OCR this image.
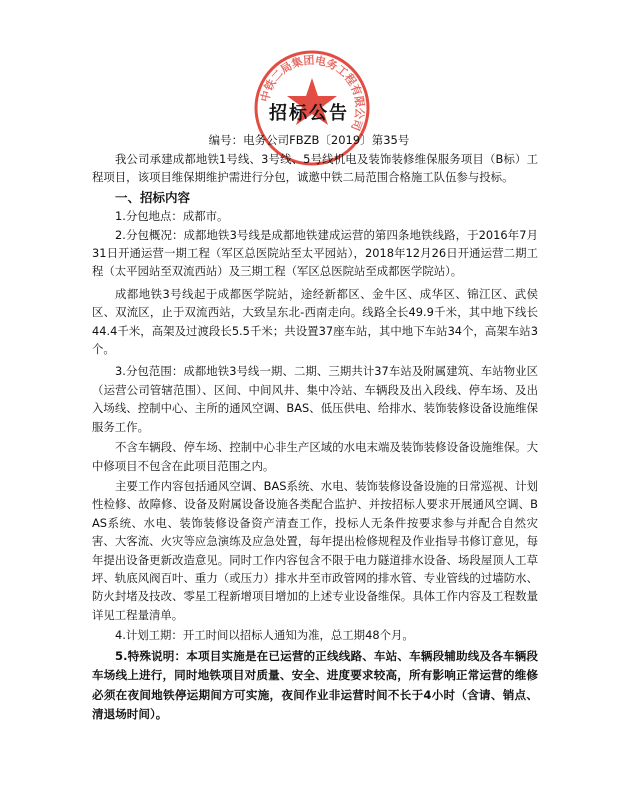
中铁二局集团电务工程有限公司
招标公告
编号：电务公司FBZB〔2019〕第35号

我公司承建成都地铁1号线、3号线、5号线机电及装饰装修维保服务项目（B标）工程项目，该项目维保期维护需进行分包，诚邀中铁二局范围合格施工队伍参与投标。

一、招标内容

1.分包地点：成都市。

2.分包概况：成都地铁3号线是成都地铁建成运营的第四条地铁线路，于2016年7月31日开通运营一期工程（军区总医院站至太平园站），2018年12月26日开通运营二期工程（太平园站至双流西站）及三期工程（军区总医院站至成都医学院站）。

成都地铁3号线起于成都医学院站，途经新都区、金牛区、成华区、锦江区、武侯区、双流区，止于双流西站，大致呈东北-西南走向。线路全长49.9千米，其中地下线长44.4千米，高架及过渡段长5.5千米；共设置37座车站，其中地下车站34个，高架车站3个。

3.分包范围：成都地铁3号线一期、二期、三期共计37车站及附属建筑、车站物业区（运营公司管辖范围）、区间、中间风井、集中冷站、车辆段及出入段线、停车场、及出入场线、控制中心、主所的通风空调、BAS、低压供电、给排水、装饰装修设备设施维保服务工作。

不含车辆段、停车场、控制中心非生产区域的水电末端及装饰装修设备设施维保。大中修项目不包含在此项目范围之内。

主要工作内容包括通风空调、BAS系统、水电、装饰装修设备设施的日常巡视、计划性检修、故障修、设备及附属设备设施各类配合监护、并按招标人要求开展通风空调、BAS系统、水电、装饰装修设备资产清查工作，投标人无条件按要求参与并配合自然灾害、大客流、火灾等应急演练及应急处置，每年提出检修规程及作业指导书修订意见，每年提出设备更新改造意见。同时工作内容包含不限于电力隧道排水设备、场段屋顶人工草坪、轨底风阀百叶、重力（或压力）排水井至市政管网的排水管、专业管线的过墙防水、防火封堵及技改、零星工程新增项目增加的上述专业设备维保。具体工作内容及工程数量详见工程量清单。

4.计划工期：开工时间以招标人通知为准，总工期48个月。

5.特殊说明：本项目实施是在已运营的正线线路、车站、车辆段辅助线及各车辆段车场线上进行，同时地铁项目对质量、安全、进度要求较高，所有影响正常运营的维修必须在夜间地铁停运期间方可实施，夜间作业非运营时间不长于4小时（含请、销点、清退场时间）。
